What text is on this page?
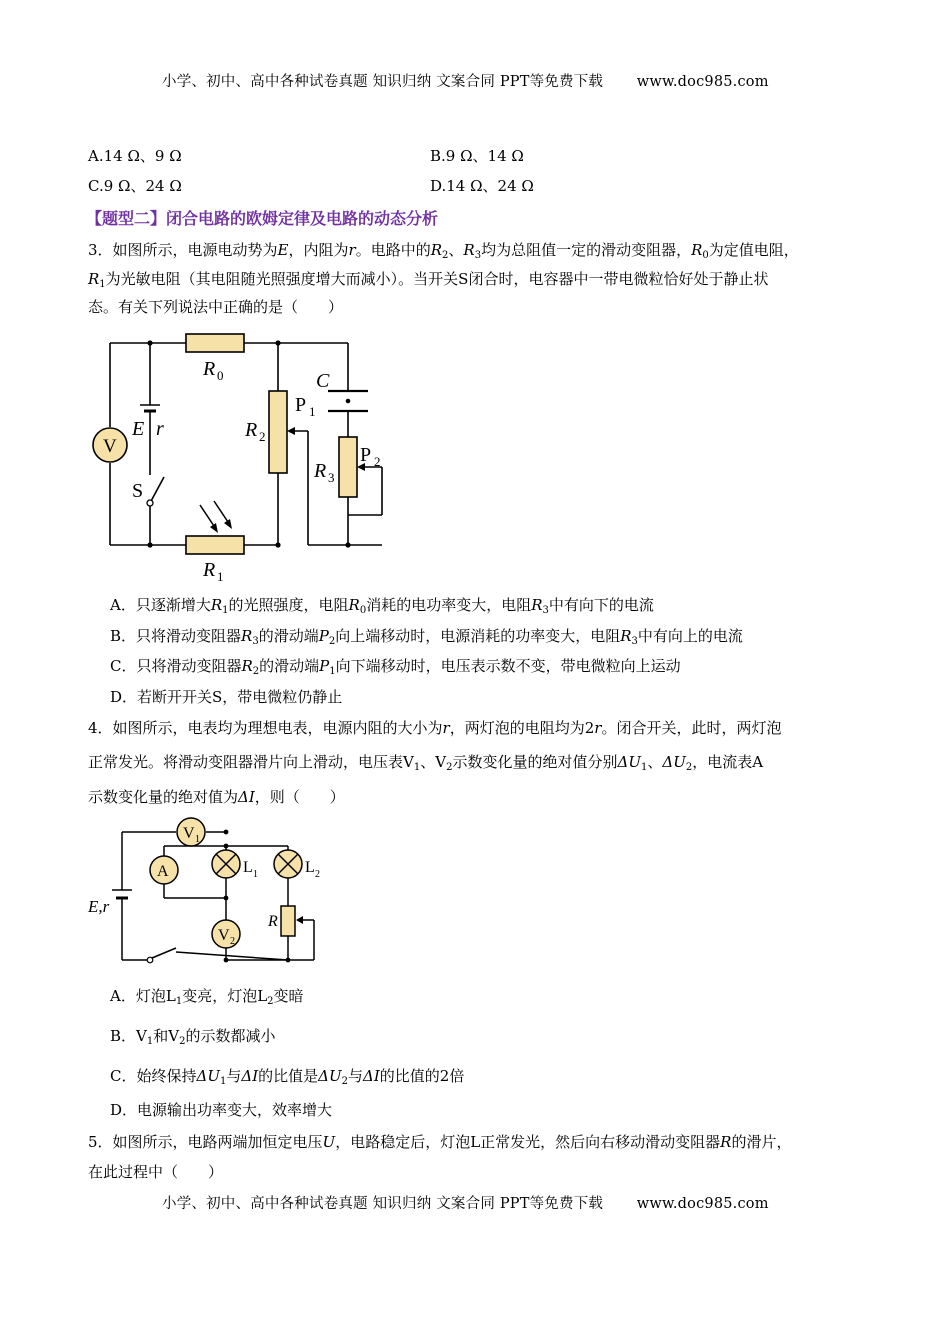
小学、初中、高中各种试卷真题 知识归纳 文案合同 PPT等免费下载 www.doc985.com
A.14 Ω、9 Ω	B.9 Ω、14 Ω
C.9 Ω、24 Ω	D.14 Ω、24 Ω
【题型二】闭合电路的欧姆定律及电路的动态分析
3．如图所示，电源电动势为E，内阻为r。电路中的$R_2$、$R_3$均为总阻值一定的滑动变阻器，$R_0$为定值电阻，
$R_1$为光敏电阻（其电阻随光照强度增大而减小）。当开关S闭合时，电容器中一带电微粒恰好处于静止状
态。有关下列说法中正确的是（　　）
R 0	C
P 1
E r
V
R 2
P 2
R 3
S
R 1
A．只逐渐增大$R_1$的光照强度，电阻$R_0$消耗的电功率变大，电阻$R_3$中有向下的电流
B．只将滑动变阻器$R_3$的滑动端$P_2$向上端移动时，电源消耗的功率变大，电阻$R_3$中有向上的电流
C．只将滑动变阻器$R_2$的滑动端$P_1$向下端移动时，电压表示数不变，带电微粒向上运动
D．若断开开关S，带电微粒仍静止
4．如图所示，电表均为理想电表，电源内阻的大小为r，两灯泡的电阻均为2r。闭合开关，此时，两灯泡
正常发光。将滑动变阻器滑片向上滑动，电压表$V_1$、$V_2$示数变化量的绝对值分别$\Delta U_1$、$\Delta U_2$，电流表A
示数变化量的绝对值为ΔI，则（　　）
V 1
A	L 1	L 2
E,r
R
V 2
A．灯泡$L_1$变亮，灯泡$L_2$变暗
B．$V_1$和$V_2$的示数都减小
C．始终保持$\Delta U_1$与ΔI的比值是$\Delta U_2$与ΔI的比值的2倍
D．电源输出功率变大，效率增大
5．如图所示，电路两端加恒定电压U，电路稳定后，灯泡L正常发光，然后向右移动滑动变阻器R的滑片，
在此过程中（　　）
小学、初中、高中各种试卷真题 知识归纳 文案合同 PPT等免费下载 www.doc985.com
